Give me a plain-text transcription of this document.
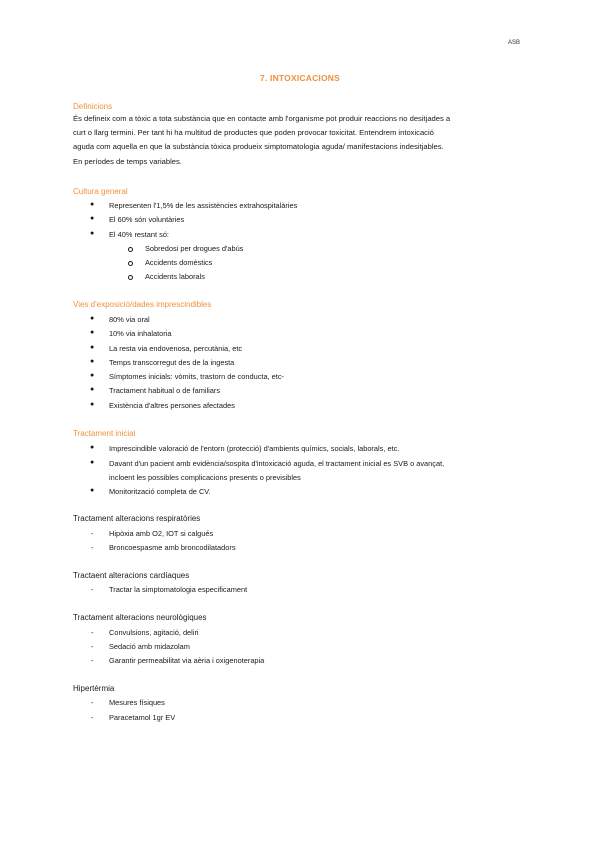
ASB
7. INTOXICACIONS
Definicions
És defineix com a tòxic a tota substància que en contacte amb l'organisme pot produir reaccions no desitjades a
curt o llarg termini. Per tant hi ha multitud de productes que poden provocar toxicitat. Entendrem intoxicació
aguda com aquella en que la substància tòxica produeix simptomatologia aguda/ manifestacions indesitjables.
En períodes de temps variables.
Cultura general
● Representen l'1,5% de les assistències extrahospitalàries
● El 60% són voluntàries
● El 40% restant só:
Sobredosi per drogues d'abús
Accidents domèstics
Accidents laborals
Vies d'exposició/dades imprescindibles
● 80% via oral
● 10% via inhalatoria
● La resta via endovenosa, percutània, etc
● Temps transcorregut des de la ingesta
● Símptomes inicials: vòmits, trastorn de conducta, etc-
● Tractament habitual o de familiars
● Existència d'altres persones afectades
Tractament inicial
● Imprescindible valoració de l'entorn (protecció) d'ambients químics, socials, laborals, etc.
● Davant d'un pacient amb evidència/sospita d'intoxicació aguda, el tractament inicial es SVB o avançat,
incloent les possibles complicacions presents o previsibles
● Monitorització completa de CV.
Tractament alteracions respiratòries
- Hipòxia amb O2, IOT si calgués
- Broncoespasme amb broncodilatadors
Tractaent alteracions cardíaques
- Tractar la simptomatologia especificament
Tractament alteracions neurològiques
- Convulsions, agitació, deliri
- Sedació amb midazolam
- Garantir permeabilitat via aèria i oxigenoterapia
Hipertèrmia
- Mesures físiques
- Paracetamol 1gr EV
